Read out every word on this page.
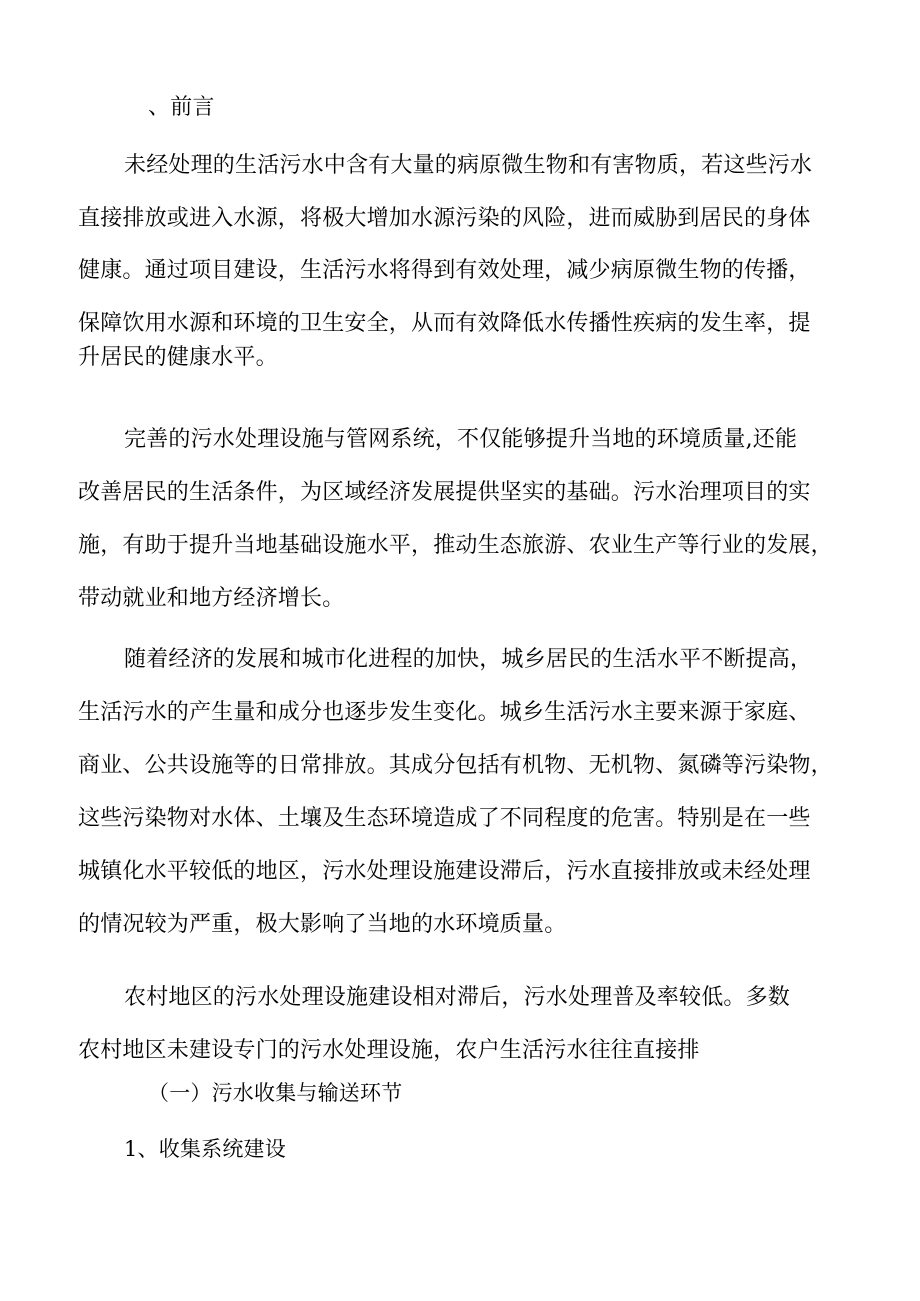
、前言
未经处理的生活污水中含有大量的病原微生物和有害物质，若这些污水
直接排放或进入水源，将极大增加水源污染的风险，进而威胁到居民的身体
健康。通过项目建设，生活污水将得到有效处理，减少病原微生物的传播，
保障饮用水源和环境的卫生安全，从而有效降低水传播性疾病的发生率，提
升居民的健康水平。
完善的污水处理设施与管网系统，不仅能够提升当地的环境质量,还能
改善居民的生活条件，为区域经济发展提供坚实的基础。污水治理项目的实
施，有助于提升当地基础设施水平，推动生态旅游、农业生产等行业的发展，
带动就业和地方经济增长。
随着经济的发展和城市化进程的加快，城乡居民的生活水平不断提高，
生活污水的产生量和成分也逐步发生变化。城乡生活污水主要来源于家庭、
商业、公共设施等的日常排放。其成分包括有机物、无机物、氮磷等污染物，
这些污染物对水体、土壤及生态环境造成了不同程度的危害。特别是在一些
城镇化水平较低的地区，污水处理设施建设滞后，污水直接排放或未经处理
的情况较为严重，极大影响了当地的水环境质量。
农村地区的污水处理设施建设相对滞后，污水处理普及率较低。多数
农村地区未建设专门的污水处理设施，农户生活污水往往直接排
（一）污水收集与输送环节
1、收集系统建设
